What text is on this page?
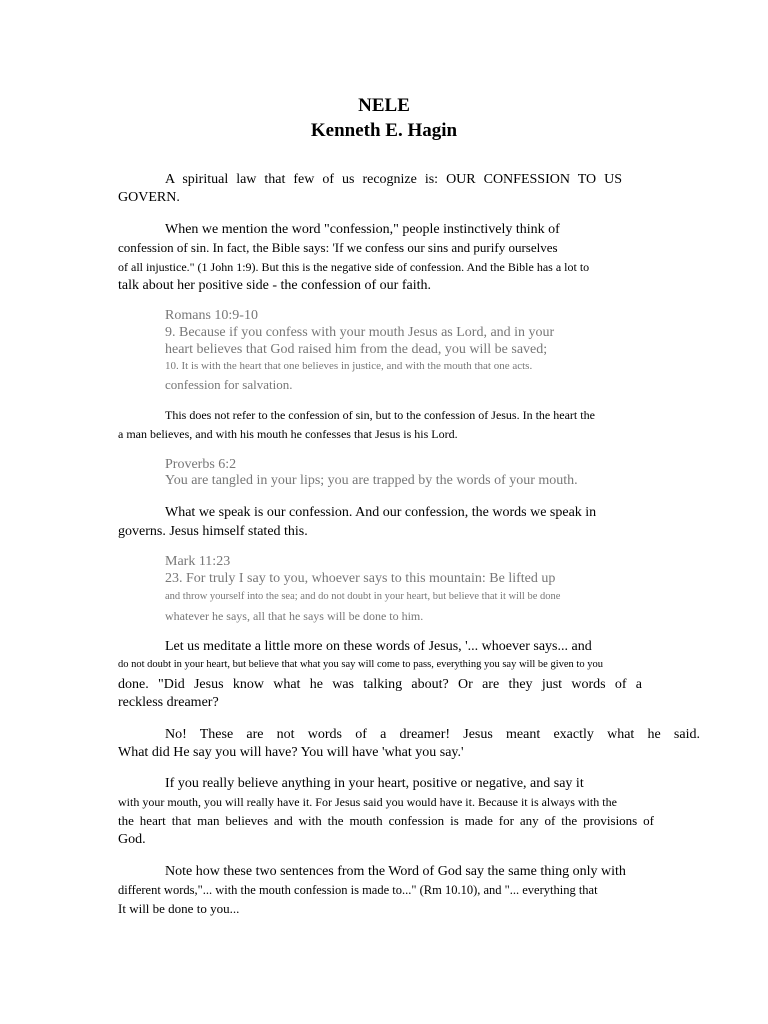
NELE
Kenneth E. Hagin
A spiritual law that few of us recognize is: OUR CONFESSION TO US
GOVERN.
When we mention the word "confession," people instinctively think of
confession of sin. In fact, the Bible says: 'If we confess our sins and purify ourselves
of all injustice." (1 John 1:9). But this is the negative side of confession. And the Bible has a lot to
talk about her positive side - the confession of our faith.
Romans 10:9-10
9. Because if you confess with your mouth Jesus as Lord, and in your
heart believes that God raised him from the dead, you will be saved;
10. It is with the heart that one believes in justice, and with the mouth that one acts.
confession for salvation.
This does not refer to the confession of sin, but to the confession of Jesus. In the heart the
a man believes, and with his mouth he confesses that Jesus is his Lord.
Proverbs 6:2
You are tangled in your lips; you are trapped by the words of your mouth.
What we speak is our confession. And our confession, the words we speak in
governs. Jesus himself stated this.
Mark 11:23
23. For truly I say to you, whoever says to this mountain: Be lifted up
and throw yourself into the sea; and do not doubt in your heart, but believe that it will be done
whatever he says, all that he says will be done to him.
Let us meditate a little more on these words of Jesus, '... whoever says... and
do not doubt in your heart, but believe that what you say will come to pass, everything you say will be given to you
done. "Did Jesus know what he was talking about? Or are they just words of a
reckless dreamer?
No! These are not words of a dreamer! Jesus meant exactly what he said.
What did He say you will have? You will have 'what you say.'
If you really believe anything in your heart, positive or negative, and say it
with your mouth, you will really have it. For Jesus said you would have it. Because it is always with the
the heart that man believes and with the mouth confession is made for any of the provisions of
God.
Note how these two sentences from the Word of God say the same thing only with
different words,"... with the mouth confession is made to..." (Rm 10.10), and "... everything that
It will be done to you...
